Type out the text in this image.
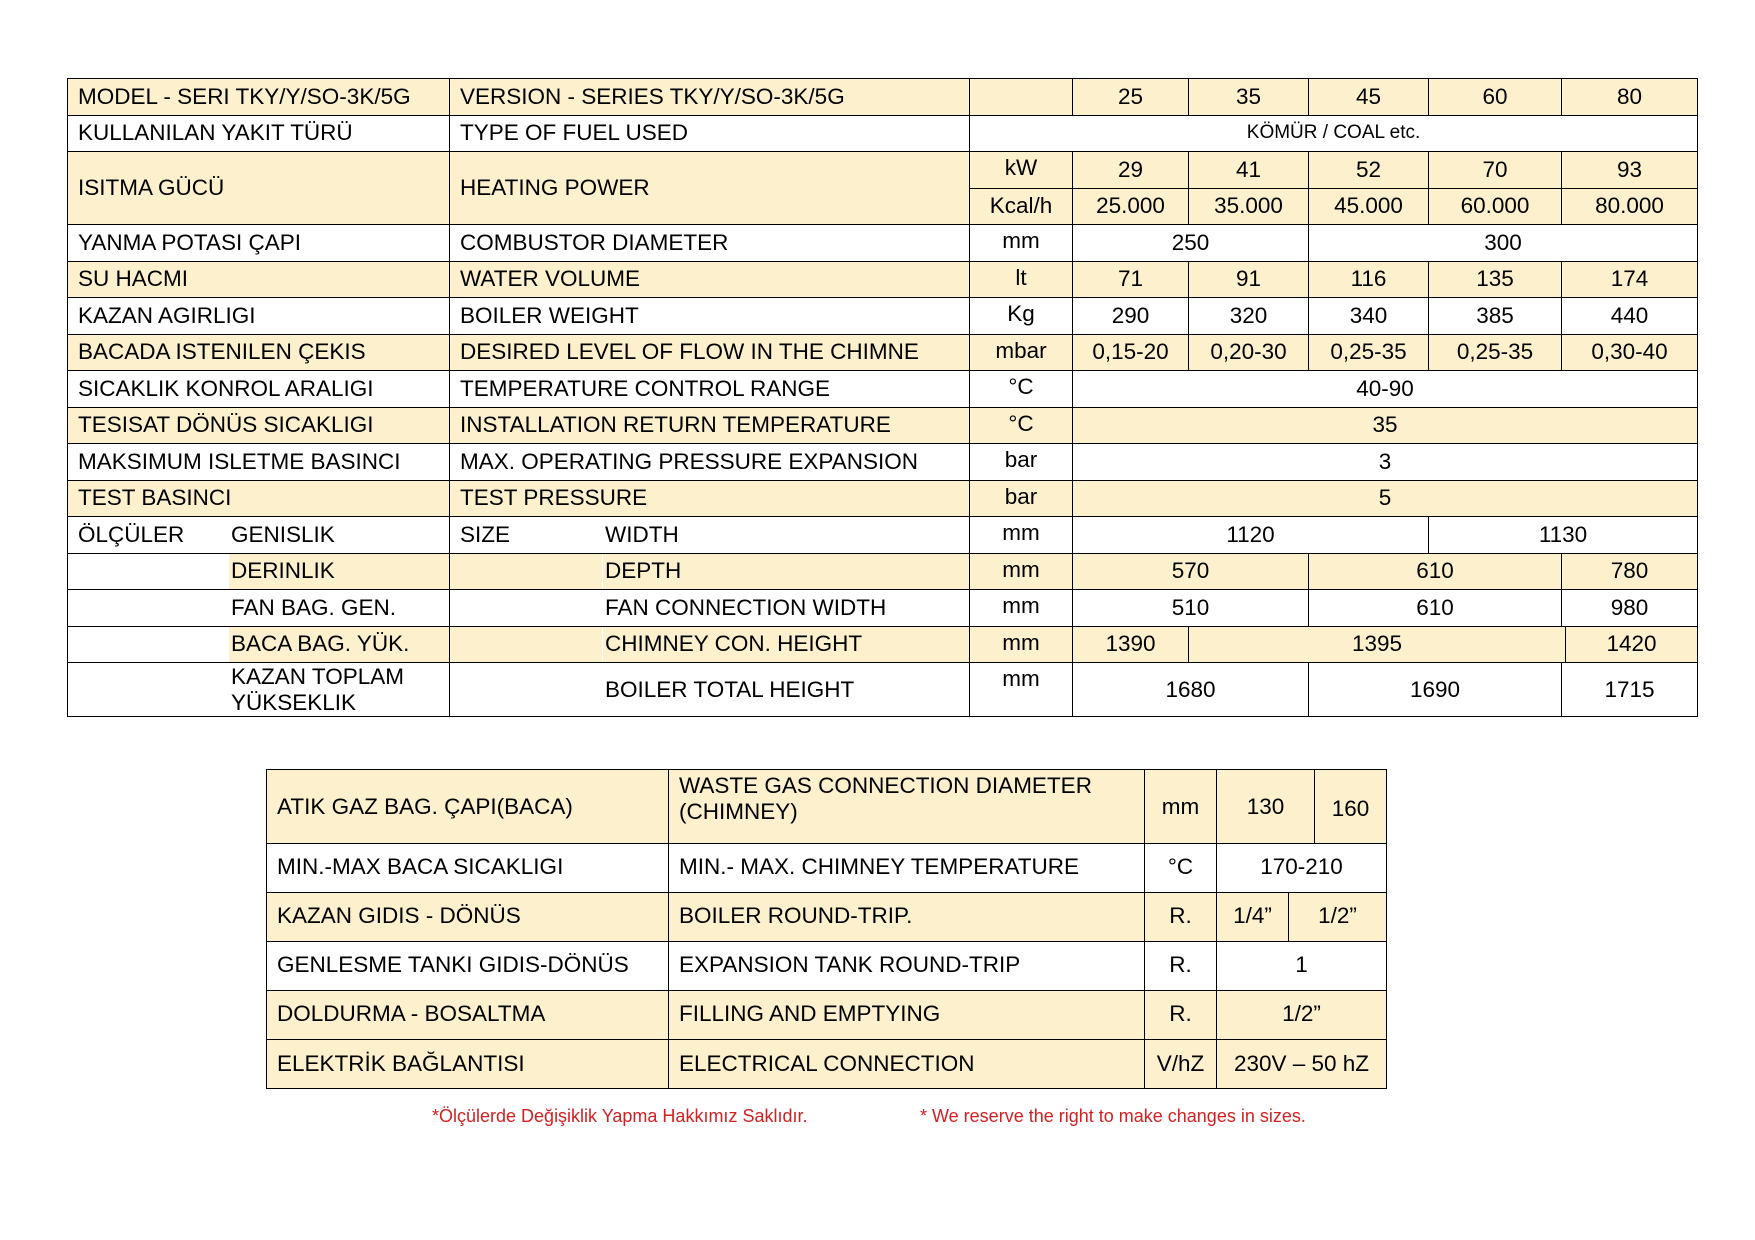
MODEL - SERI TKY/Y/SO-3K/5G		VERSION - SERIES TKY/Y/SO-3K/5G			25	35	45	60	80	
KULLANILAN YAKIT TÜRÜ		TYPE OF FUEL USED		KÖMÜR / COAL etc.						
ISITMA GÜCÜ		HEATING POWER		kW	29	41	52	70	93	
				Kcal/h	25.000	35.000	45.000	60.000	80.000	
YANMA POTASI ÇAPI		COMBUSTOR DIAMETER		mm	250		300			
SU HACMI		WATER VOLUME		lt	71	91	116	135	174	
KAZAN AGIRLIGI		BOILER WEIGHT		Kg	290	320	340	385	440	
BACADA ISTENILEN ÇEKIS		DESIRED LEVEL OF FLOW IN THE CHIMNE		mbar	0,15-20	0,20-30	0,25-35	0,25-35	0,30-40	
SICAKLIK KONROL ARALIGI		TEMPERATURE CONTROL RANGE		°C	40-90					
TESISAT DÖNÜS SICAKLIGI		INSTALLATION RETURN TEMPERATURE		°C	35					
MAKSIMUM ISLETME BASINCI		MAX. OPERATING PRESSURE EXPANSION		bar	3					
TEST BASINCI		TEST PRESSURE		bar	5					
ÖLÇÜLER	GENISLIK	SIZE	WIDTH	mm	1120			1130		
	DERINLIK		DEPTH	mm	570		610		780	
	FAN BAG. GEN.		FAN CONNECTION WIDTH	mm	510		610		980	
	BACA BAG. YÜK.		CHIMNEY CON. HEIGHT	mm	1390	1395				1420
	KAZAN TOPLAM YÜKSEKLIK		BOILER TOTAL HEIGHT	mm	1680		1690		1715	
ATIK GAZ BAG. ÇAPI(BACA)	WASTE GAS CONNECTION DIAMETER (CHIMNEY)	mm	130		160
MIN.-MAX BACA SICAKLIGI	MIN.- MAX. CHIMNEY TEMPERATURE	°C	170-210		
KAZAN GIDIS - DÖNÜS	BOILER ROUND-TRIP.	R.	1/4”	1/2”	
GENLESME TANKI GIDIS-DÖNÜS	EXPANSION TANK ROUND-TRIP	R.	1		
DOLDURMA - BOSALTMA	FILLING AND EMPTYING	R.	1/2”		
ELEKTRİK BAĞLANTISI	ELECTRICAL CONNECTION	V/hZ	230V – 50 hZ		
*Ölçülerde Değişiklik Yapma Hakkımız Saklıdır.	* We reserve the right to make changes in sizes.
